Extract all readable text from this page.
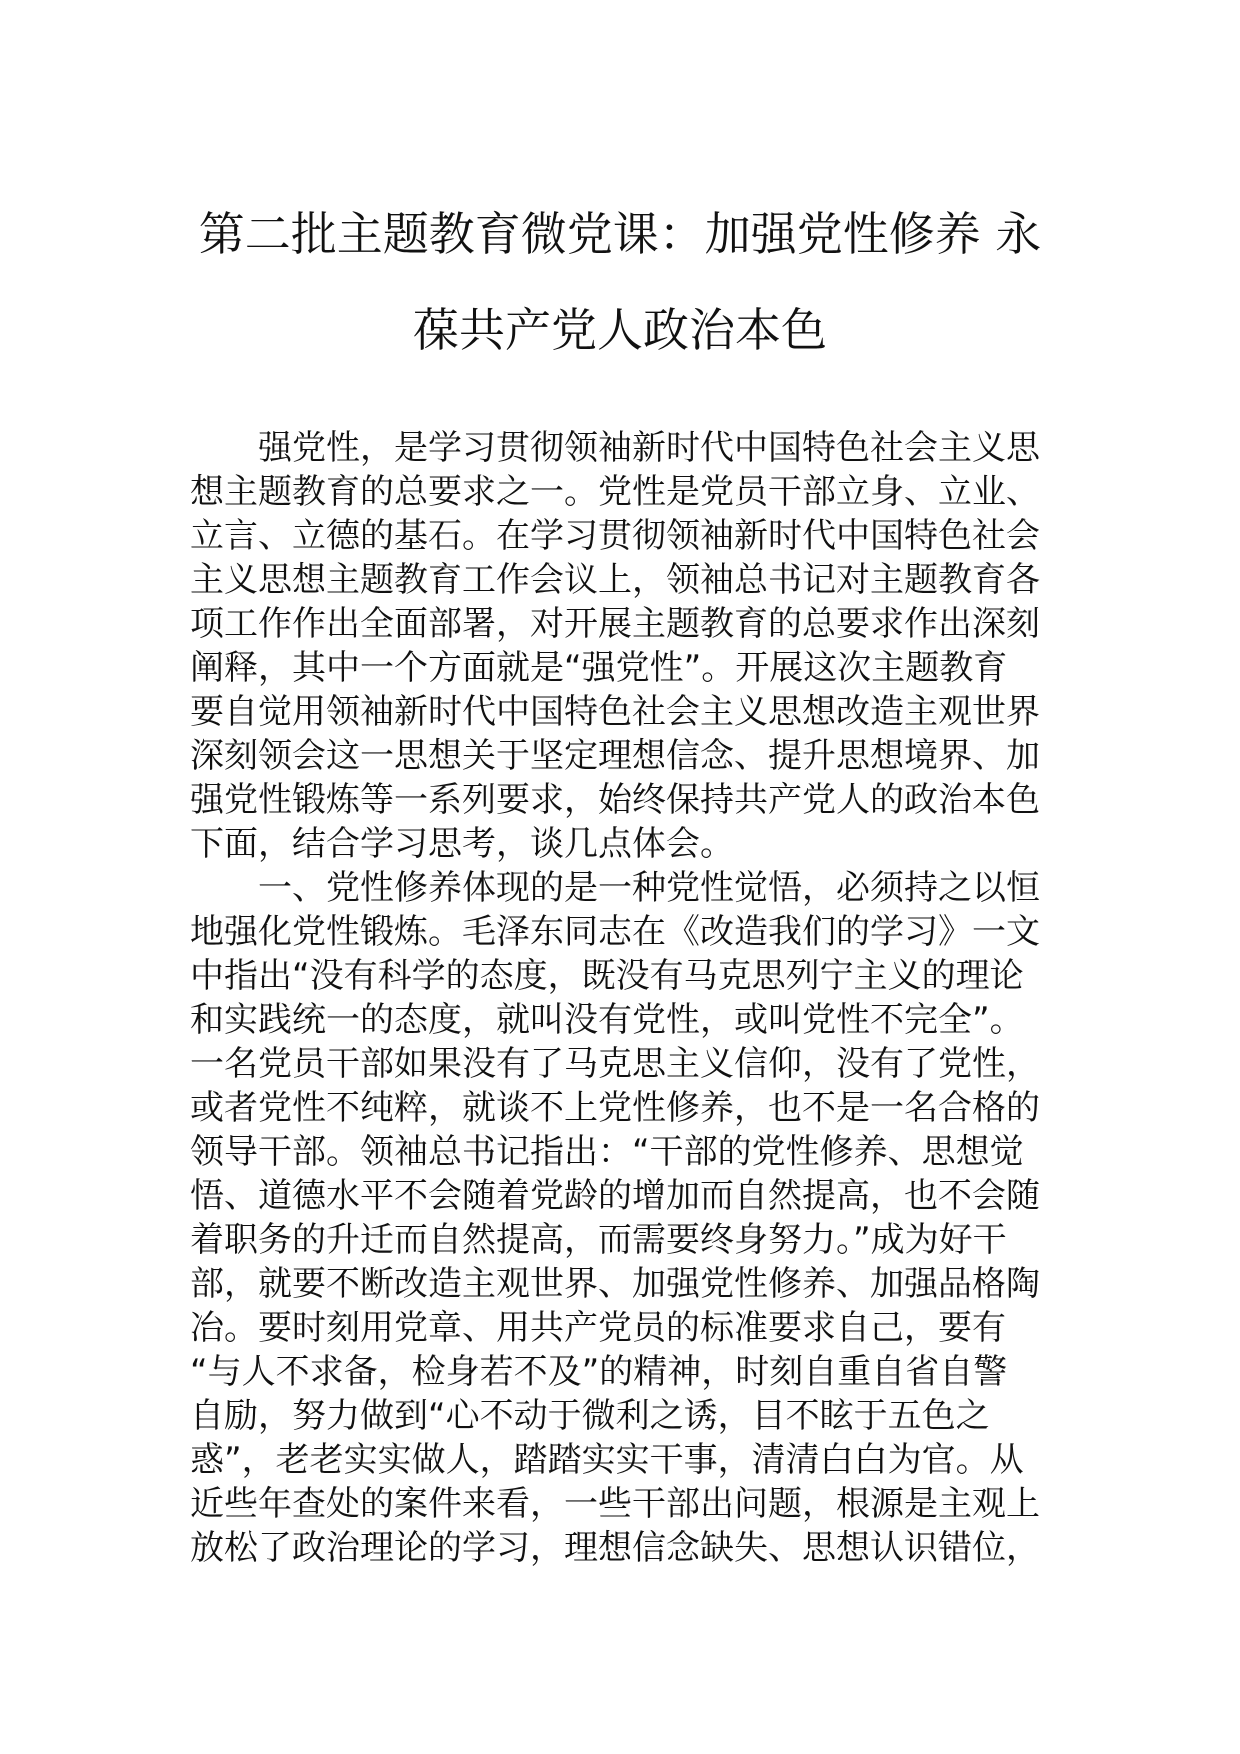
第二批主题教育微党课：加强党性修养 永
葆共产党人政治本色
强党性，是学习贯彻领袖新时代中国特色社会主义思
想主题教育的总要求之一。党性是党员干部立身、立业、
立言、立德的基石。在学习贯彻领袖新时代中国特色社会
主义思想主题教育工作会议上，领袖总书记对主题教育各
项工作作出全面部署，对开展主题教育的总要求作出深刻
阐释，其中一个方面就是“强党性”。开展这次主题教育
要自觉用领袖新时代中国特色社会主义思想改造主观世界
深刻领会这一思想关于坚定理想信念、提升思想境界、加
强党性锻炼等一系列要求，始终保持共产党人的政治本色
下面，结合学习思考，谈几点体会。
一、党性修养体现的是一种党性觉悟，必须持之以恒
地强化党性锻炼。毛泽东同志在《改造我们的学习》一文
中指出“没有科学的态度，既没有马克思列宁主义的理论
和实践统一的态度，就叫没有党性，或叫党性不完全”。
一名党员干部如果没有了马克思主义信仰，没有了党性，
或者党性不纯粹，就谈不上党性修养，也不是一名合格的
领导干部。领袖总书记指出：“干部的党性修养、思想觉
悟、道德水平不会随着党龄的增加而自然提高，也不会随
着职务的升迁而自然提高，而需要终身努力。”成为好干
部，就要不断改造主观世界、加强党性修养、加强品格陶
冶。要时刻用党章、用共产党员的标准要求自己，要有
“与人不求备，检身若不及”的精神，时刻自重自省自警
自励，努力做到“心不动于微利之诱，目不眩于五色之
惑”，老老实实做人，踏踏实实干事，清清白白为官。从
近些年查处的案件来看，一些干部出问题，根源是主观上
放松了政治理论的学习，理想信念缺失、思想认识错位，
